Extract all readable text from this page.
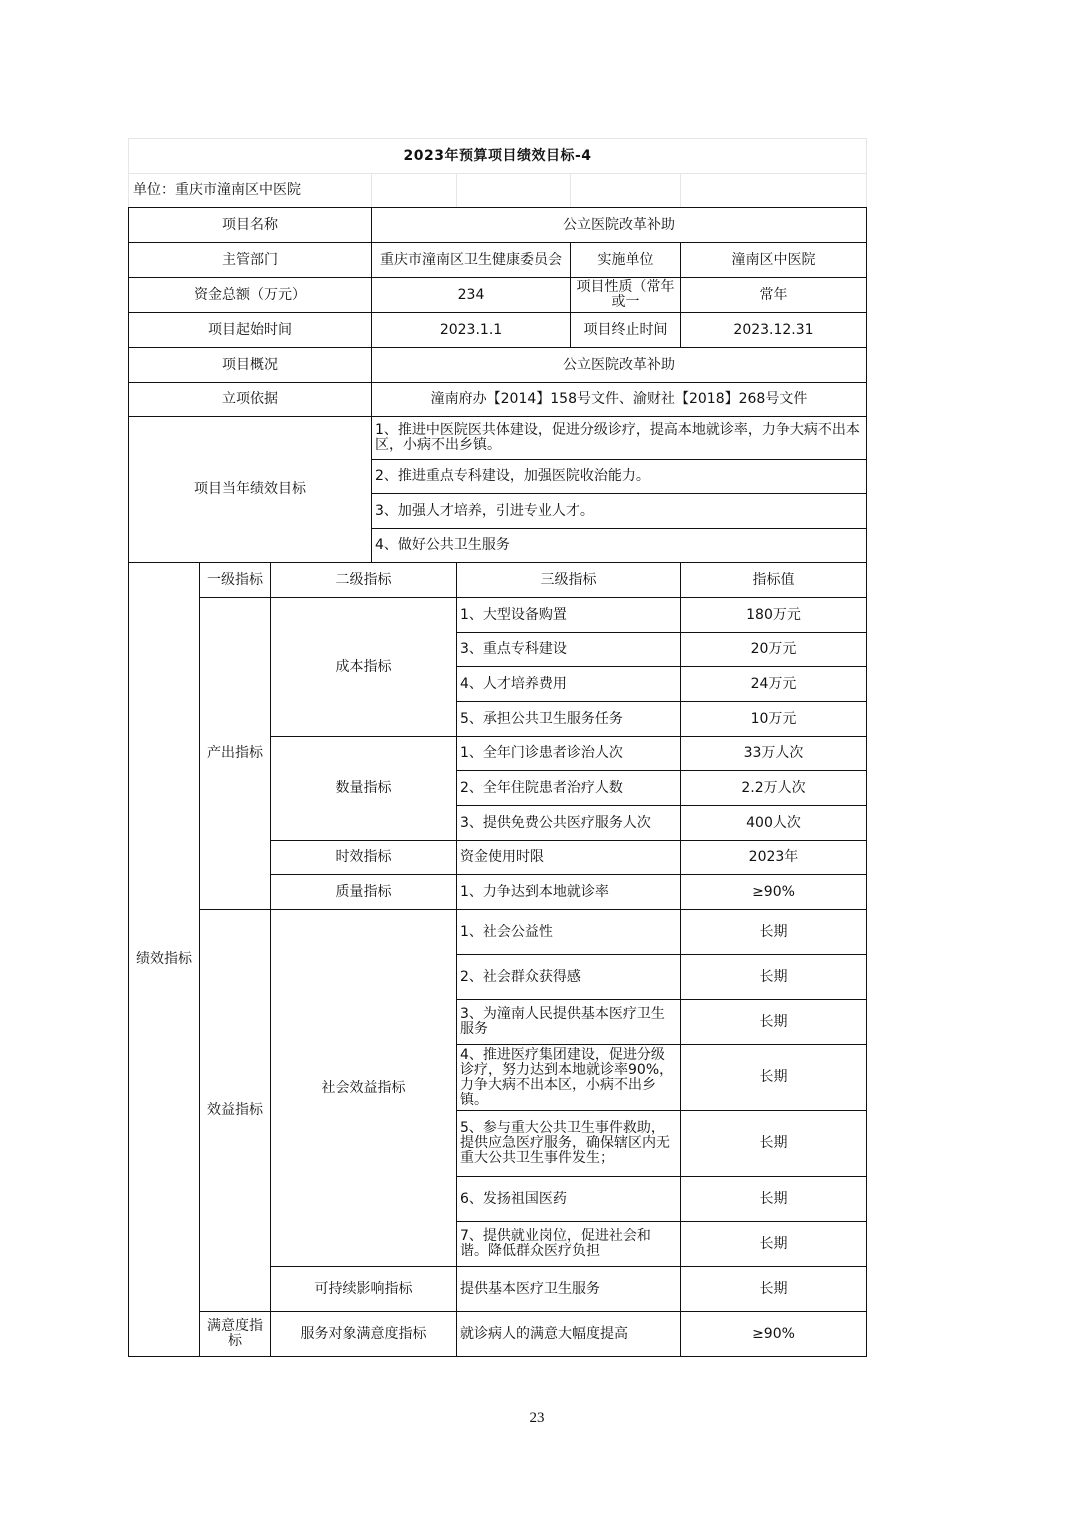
2023年预算项目绩效目标-4
单位：重庆市潼南区中医院				
项目名称			公立医院改革补助			
主管部门			重庆市潼南区卫生健康委员会		实施单位	潼南区中医院
资金总额（万元）			234		项目性质（常年或一	常年
项目起始时间			2023.1.1		项目终止时间	2023.12.31
项目概况			公立医院改革补助			
立项依据			潼南府办【2014】158号文件、渝财社【2018】268号文件			
项目当年绩效目标			1、推进中医院医共体建设，促进分级诊疗，提高本地就诊率，力争大病不出本区，小病不出乡镇。			
			2、推进重点专科建设，加强医院收治能力。			
			3、加强人才培养，引进专业人才。			
			4、做好公共卫生服务			
绩效指标	一级指标	二级指标		三级指标		指标值
	产出指标	成本指标		1、大型设备购置		180万元
				3、重点专科建设		20万元
				4、人才培养费用		24万元
				5、承担公共卫生服务任务		10万元
		数量指标		1、全年门诊患者诊治人次		33万人次
				2、全年住院患者治疗人数		2.2万人次
				3、提供免费公共医疗服务人次		400人次
		时效指标		资金使用时限		2023年
		质量指标		1、力争达到本地就诊率		≥90%
	效益指标	社会效益指标		1、社会公益性		长期
				2、社会群众获得感		长期
				3、为潼南人民提供基本医疗卫生服务		长期
				4、推进医疗集团建设，促进分级诊疗，努力达到本地就诊率90%，力争大病不出本区，小病不出乡镇。		长期
				5、参与重大公共卫生事件救助，提供应急医疗服务，确保辖区内无重大公共卫生事件发生；		长期
				6、发扬祖国医药		长期
				7、提供就业岗位，促进社会和谐。降低群众医疗负担		长期
		可持续影响指标		提供基本医疗卫生服务		长期
	满意度指标	服务对象满意度指标		就诊病人的满意大幅度提高		≥90%
23
